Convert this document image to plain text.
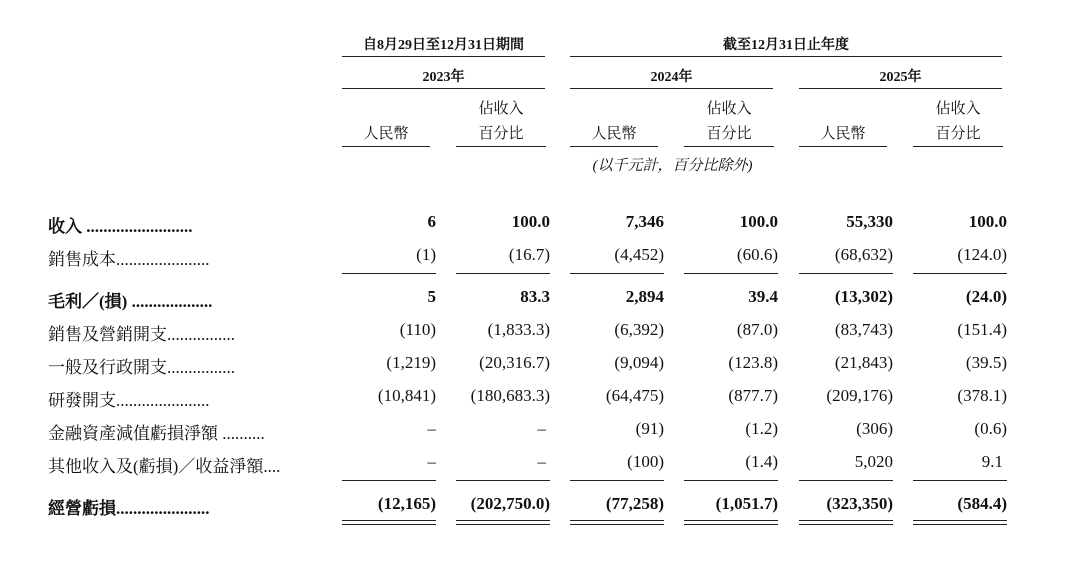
自8月29日至12月31日期間	截至12月31日止年度
2023年	2024年	2025年
佔收入	佔收入	佔收入
人民幣	百分比	人民幣	百分比	人民幣	百分比
(以千元計，百分比除外)
收入 .........................	6	100.0	7,346	100.0	55,330	100.0
銷售成本......................	(1)	(16.7)	(4,452)	(60.6)	(68,632)	(124.0)
毛利／(損) ...................	5	83.3	2,894	39.4	(13,302)	(24.0)
銷售及營銷開支................	(110)	(1,833.3)	(6,392)	(87.0)	(83,743)	(151.4)
一般及行政開支................	(1,219)	(20,316.7)	(9,094)	(123.8)	(21,843)	(39.5)
研發開支......................	(10,841)	(180,683.3)	(64,475)	(877.7)	(209,176)	(378.1)
金融資產減值虧損淨額 ..........	–	–	(91)	(1.2)	(306)	(0.6)
其他收入及(虧損)／收益淨額....	–	–	(100)	(1.4)	5,020	9.1
經營虧損......................	(12,165)	(202,750.0)	(77,258)	(1,051.7)	(323,350)	(584.4)
